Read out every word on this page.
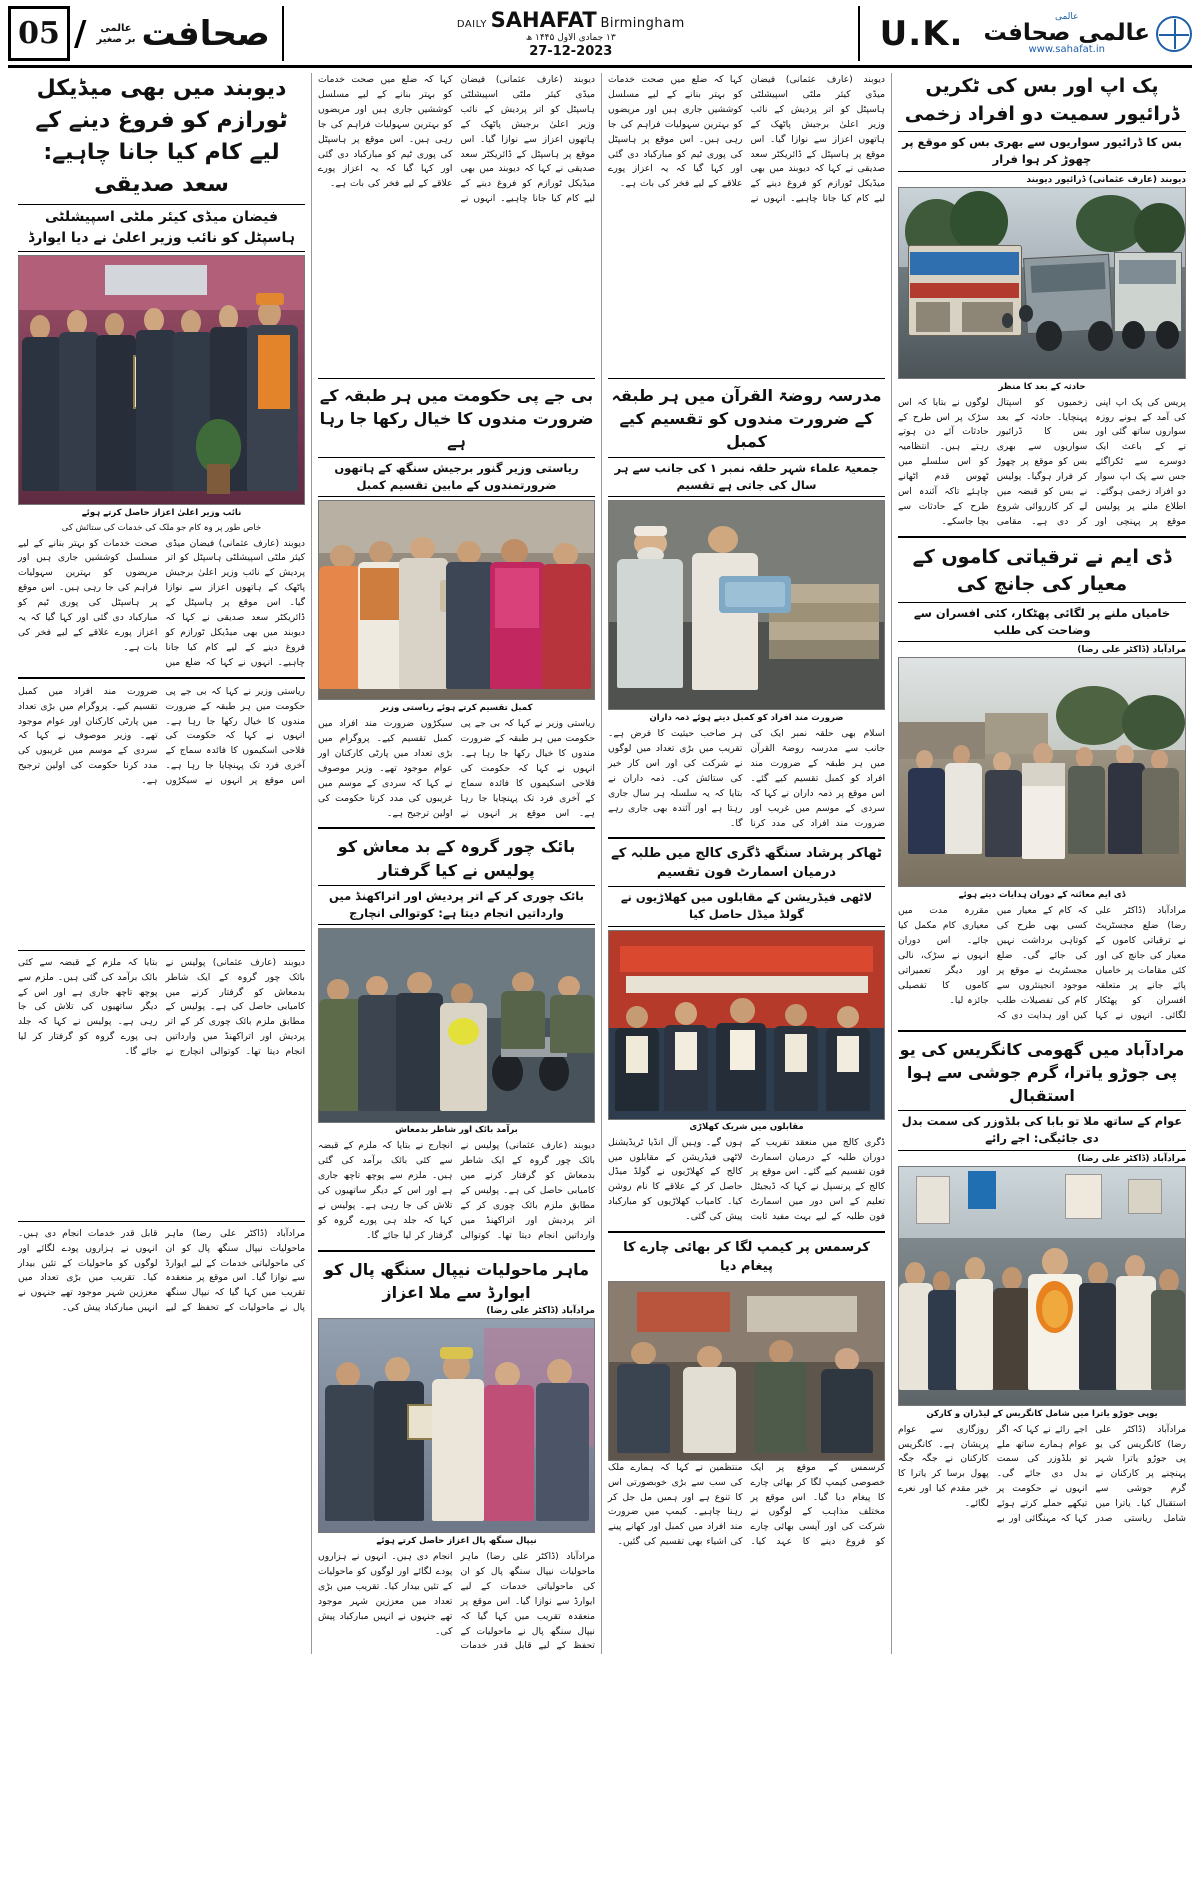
05 / صحافت
عالمی
بر صغیر
DAILY SAHAFAT Birmingham
۱۳ جمادی الاول ۱۴۴۵ ھ
27-12-2023	U.K.	عالمی
عالمی صحافت
www.sahafat.in
پک اپ اور بس کی ٹکریں ڈرائیور سمیت دو افراد زخمی
بس کا ڈرائیور سواریوں سے بھری بس کو موقع پر چھوڑ کر ہوا فرار
دیوبند (عارف عثمانی) ڈرائیور دیوبند
حادثہ کے بعد کا منظر
پریس کی پک اپ اپنی کی آمد کے ہونے روزہ سواروں ساتھ گئی اور نے کے باعث ایک دوسرے سے ٹکراگئے جس سے پک اپ سوار دو افراد زخمی ہوگئے۔ اطلاع ملنے پر پولیس موقع پر پہنچی اور زخمیوں کو اسپتال پہنچایا۔ حادثہ کے بعد بس کا ڈرائیور سواریوں سے بھری بس کو موقع پر چھوڑ کر فرار ہوگیا۔ پولیس نے بس کو قبضہ میں لے کر کارروائی شروع کر دی ہے۔ مقامی لوگوں نے بتایا کہ اس سڑک پر اس طرح کے حادثات آئے دن ہوتے رہتے ہیں۔ انتظامیہ کو اس سلسلے میں ٹھوس قدم اٹھانے چاہئے تاکہ آئندہ اس طرح کے حادثات سے بچا جاسکے۔
ڈی ایم نے ترقیاتی کاموں کے معیار کی جانچ کی
خامیاں ملنے پر لگائی پھٹکار، کئی افسران سے وضاحت کی طلب
مرادآباد (ڈاکٹر علی رضا)
ڈی ایم معائنہ کے دوران ہدایات دیتے ہوئے
مرادآباد (ڈاکٹر علی رضا) ضلع مجسٹریٹ نے ترقیاتی کاموں کے معیار کی جانچ کی اور کئی مقامات پر خامیاں پائے جانے پر متعلقہ افسران کو پھٹکار لگائی۔ انہوں نے کہا کہ کام کے معیار میں کسی بھی طرح کی کوتاہی برداشت نہیں کی جائے گی۔ ضلع مجسٹریٹ نے موقع پر موجود انجینئروں سے کام کی تفصیلات طلب کیں اور ہدایت دی کہ مقررہ مدت میں معیاری کام مکمل کیا جائے۔ اس دوران انہوں نے سڑک، نالی اور دیگر تعمیراتی کاموں کا تفصیلی جائزہ لیا۔
مرادآباد میں گھومی کانگریس کی یو پی جوڑو یاترا، گرم جوشی سے ہوا استقبال
عوام کے ساتھ ملا تو بابا کی بلڈوزر کی سمت بدل دی جائیگی: اجے رائے
مرادآباد (ڈاکٹر علی رضا)
یوپی جوڑو یاترا میں شامل کانگریس کے لیڈران و کارکن
مرادآباد (ڈاکٹر علی رضا) کانگریس کی یو پی جوڑو یاترا شہر پہنچنے پر کارکنان نے گرم جوشی سے استقبال کیا۔ یاترا میں شامل ریاستی صدر اجے رائے نے کہا کہ اگر عوام ہمارے ساتھ ملے تو بلڈوزر کی سمت بدل دی جائے گی۔ انہوں نے حکومت پر تیکھے حملے کرتے ہوئے کہا کہ مہنگائی اور بے روزگاری سے عوام پریشان ہے۔ کانگریس کارکنان نے جگہ جگہ پھول برسا کر یاترا کا خیر مقدم کیا اور نعرے لگائے۔
دیوبند (عارف عثمانی) فیضان میڈی کیئر ملٹی اسپیشلٹی ہاسپٹل کو اتر پردیش کے نائب وزیر اعلیٰ برجیش پاٹھک کے ہاتھوں اعزاز سے نوازا گیا۔ اس موقع پر ہاسپٹل کے ڈائریکٹر سعد صدیقی نے کہا کہ دیوبند میں بھی میڈیکل ٹورازم کو فروغ دینے کے لیے کام کیا جانا چاہیے۔ انہوں نے کہا کہ ضلع میں صحت خدمات کو بہتر بنانے کے لیے مسلسل کوششیں جاری ہیں اور مریضوں کو بہترین سہولیات فراہم کی جا رہی ہیں۔ اس موقع پر ہاسپٹل کی پوری ٹیم کو مبارکباد دی گئی اور کہا گیا کہ یہ اعزاز پورے علاقے کے لیے فخر کی بات ہے۔
مدرسہ روضۃ القرآن میں ہر طبقہ کے ضرورت مندوں کو تقسیم کیے کمبل
جمعیۃ علماء شہر حلقہ نمبر ۱ کی جانب سے ہر سال کی جاتی ہے تقسیم
ضرورت مند افراد کو کمبل دیتے ہوئے ذمہ داران
اسلام بھی حلقہ نمبر ایک کی جانب سے مدرسہ روضۃ القرآن میں ہر طبقہ کے ضرورت مند افراد کو کمبل تقسیم کیے گئے۔ اس موقع پر ذمہ داران نے کہا کہ سردی کے موسم میں غریب اور ضرورت مند افراد کی مدد کرنا ہر صاحب حیثیت کا فرض ہے۔ تقریب میں بڑی تعداد میں لوگوں نے شرکت کی اور اس کار خیر کی ستائش کی۔ ذمہ داران نے بتایا کہ یہ سلسلہ ہر سال جاری رہتا ہے اور آئندہ بھی جاری رہے گا۔
ٹھاکر پرشاد سنگھ ڈگری کالج میں طلبہ کے درمیان اسمارٹ فون تقسیم
لاٹھی فیڈریشن کے مقابلوں میں کھلاڑیوں نے گولڈ میڈل حاصل کیا
مقابلوں میں شریک کھلاڑی
ڈگری کالج میں منعقد تقریب کے دوران طلبہ کے درمیان اسمارٹ فون تقسیم کیے گئے۔ اس موقع پر کالج کے پرنسپل نے کہا کہ ڈیجیٹل تعلیم کے اس دور میں اسمارٹ فون طلبہ کے لیے بہت مفید ثابت ہوں گے۔ وہیں آل انڈیا ٹریڈیشنل لاٹھی فیڈریشن کے مقابلوں میں کالج کے کھلاڑیوں نے گولڈ میڈل حاصل کر کے علاقے کا نام روشن کیا۔ کامیاب کھلاڑیوں کو مبارکباد پیش کی گئی۔
کرسمس پر کیمپ لگا کر بھائی چارے کا پیغام دیا
کرسمس کے موقع پر ایک خصوصی کیمپ لگا کر بھائی چارے کا پیغام دیا گیا۔ اس موقع پر مختلف مذاہب کے لوگوں نے شرکت کی اور آپسی بھائی چارے کو فروغ دینے کا عہد کیا۔ منتظمین نے کہا کہ ہمارے ملک کی سب سے بڑی خوبصورتی اس کا تنوع ہے اور ہمیں مل جل کر رہنا چاہیے۔ کیمپ میں ضرورت مند افراد میں کمبل اور کھانے پینے کی اشیاء بھی تقسیم کی گئیں۔
دیوبند (عارف عثمانی) فیضان میڈی کیئر ملٹی اسپیشلٹی ہاسپٹل کو اتر پردیش کے نائب وزیر اعلیٰ برجیش پاٹھک کے ہاتھوں اعزاز سے نوازا گیا۔ اس موقع پر ہاسپٹل کے ڈائریکٹر سعد صدیقی نے کہا کہ دیوبند میں بھی میڈیکل ٹورازم کو فروغ دینے کے لیے کام کیا جانا چاہیے۔ انہوں نے کہا کہ ضلع میں صحت خدمات کو بہتر بنانے کے لیے مسلسل کوششیں جاری ہیں اور مریضوں کو بہترین سہولیات فراہم کی جا رہی ہیں۔ اس موقع پر ہاسپٹل کی پوری ٹیم کو مبارکباد دی گئی اور کہا گیا کہ یہ اعزاز پورے علاقے کے لیے فخر کی بات ہے۔
بی جے پی حکومت میں ہر طبقہ کے ضرورت مندوں کا خیال رکھا جا رہا ہے
ریاستی وزیر گنور برجیش سنگھ کے ہاتھوں ضرورتمندوں کے مابین تقسیم کمبل
کمبل تقسیم کرتے ہوئے ریاستی وزیر
ریاستی وزیر نے کہا کہ بی جے پی حکومت میں ہر طبقہ کے ضرورت مندوں کا خیال رکھا جا رہا ہے۔ انہوں نے کہا کہ حکومت کی فلاحی اسکیموں کا فائدہ سماج کے آخری فرد تک پہنچایا جا رہا ہے۔ اس موقع پر انہوں نے سیکڑوں ضرورت مند افراد میں کمبل تقسیم کیے۔ پروگرام میں بڑی تعداد میں پارٹی کارکنان اور عوام موجود تھے۔ وزیر موصوف نے کہا کہ سردی کے موسم میں غریبوں کی مدد کرنا حکومت کی اولین ترجیح ہے۔
بائک چور گروہ کے بد معاش کو پولیس نے کیا گرفتار
بائک چوری کر کے اتر پردیش اور اتراکھنڈ میں وارداتیں انجام دیتا ہے: کوتوالی انچارج
برآمد بائک اور شاطر بدمعاش
دیوبند (عارف عثمانی) پولیس نے بائک چور گروہ کے ایک شاطر بدمعاش کو گرفتار کرنے میں کامیابی حاصل کی ہے۔ پولیس کے مطابق ملزم بائک چوری کر کے اتر پردیش اور اتراکھنڈ میں وارداتیں انجام دیتا تھا۔ کوتوالی انچارج نے بتایا کہ ملزم کے قبضہ سے کئی بائک برآمد کی گئی ہیں۔ ملزم سے پوچھ تاچھ جاری ہے اور اس کے دیگر ساتھیوں کی تلاش کی جا رہی ہے۔ پولیس نے کہا کہ جلد ہی پورے گروہ کو گرفتار کر لیا جائے گا۔
ماہر ماحولیات نیپال سنگھ پال کو ایوارڈ سے ملا اعزاز
مرادآباد (ڈاکٹر علی رضا)
نیپال سنگھ پال اعزاز حاصل کرتے ہوئے
مرادآباد (ڈاکٹر علی رضا) ماہر ماحولیات نیپال سنگھ پال کو ان کی ماحولیاتی خدمات کے لیے ایوارڈ سے نوازا گیا۔ اس موقع پر منعقدہ تقریب میں کہا گیا کہ نیپال سنگھ پال نے ماحولیات کے تحفظ کے لیے قابل قدر خدمات انجام دی ہیں۔ انہوں نے ہزاروں پودے لگائے اور لوگوں کو ماحولیات کے تئیں بیدار کیا۔ تقریب میں بڑی تعداد میں معززین شہر موجود تھے جنہوں نے انہیں مبارکباد پیش کی۔
دیوبند میں بھی میڈیکل ٹورازم کو فروغ دینے کے لیے کام کیا جانا چاہیے: سعد صدیقی
فیضان میڈی کیئر ملٹی اسپیشلٹی ہاسپٹل کو نائب وزیر اعلیٰ نے دیا ایوارڈ
نائب وزیر اعلیٰ اعزاز حاصل کرتے ہوئے
خاص طور پر وہ کام جو ملک کی خدمات کی ستائش کی
دیوبند (عارف عثمانی) فیضان میڈی کیئر ملٹی اسپیشلٹی ہاسپٹل کو اتر پردیش کے نائب وزیر اعلیٰ برجیش پاٹھک کے ہاتھوں اعزاز سے نوازا گیا۔ اس موقع پر ہاسپٹل کے ڈائریکٹر سعد صدیقی نے کہا کہ دیوبند میں بھی میڈیکل ٹورازم کو فروغ دینے کے لیے کام کیا جانا چاہیے۔ انہوں نے کہا کہ ضلع میں صحت خدمات کو بہتر بنانے کے لیے مسلسل کوششیں جاری ہیں اور مریضوں کو بہترین سہولیات فراہم کی جا رہی ہیں۔ اس موقع پر ہاسپٹل کی پوری ٹیم کو مبارکباد دی گئی اور کہا گیا کہ یہ اعزاز پورے علاقے کے لیے فخر کی بات ہے۔
ریاستی وزیر نے کہا کہ بی جے پی حکومت میں ہر طبقہ کے ضرورت مندوں کا خیال رکھا جا رہا ہے۔ انہوں نے کہا کہ حکومت کی فلاحی اسکیموں کا فائدہ سماج کے آخری فرد تک پہنچایا جا رہا ہے۔ اس موقع پر انہوں نے سیکڑوں ضرورت مند افراد میں کمبل تقسیم کیے۔ پروگرام میں بڑی تعداد میں پارٹی کارکنان اور عوام موجود تھے۔ وزیر موصوف نے کہا کہ سردی کے موسم میں غریبوں کی مدد کرنا حکومت کی اولین ترجیح ہے۔
دیوبند (عارف عثمانی) پولیس نے بائک چور گروہ کے ایک شاطر بدمعاش کو گرفتار کرنے میں کامیابی حاصل کی ہے۔ پولیس کے مطابق ملزم بائک چوری کر کے اتر پردیش اور اتراکھنڈ میں وارداتیں انجام دیتا تھا۔ کوتوالی انچارج نے بتایا کہ ملزم کے قبضہ سے کئی بائک برآمد کی گئی ہیں۔ ملزم سے پوچھ تاچھ جاری ہے اور اس کے دیگر ساتھیوں کی تلاش کی جا رہی ہے۔ پولیس نے کہا کہ جلد ہی پورے گروہ کو گرفتار کر لیا جائے گا۔
مرادآباد (ڈاکٹر علی رضا) ماہر ماحولیات نیپال سنگھ پال کو ان کی ماحولیاتی خدمات کے لیے ایوارڈ سے نوازا گیا۔ اس موقع پر منعقدہ تقریب میں کہا گیا کہ نیپال سنگھ پال نے ماحولیات کے تحفظ کے لیے قابل قدر خدمات انجام دی ہیں۔ انہوں نے ہزاروں پودے لگائے اور لوگوں کو ماحولیات کے تئیں بیدار کیا۔ تقریب میں بڑی تعداد میں معززین شہر موجود تھے جنہوں نے انہیں مبارکباد پیش کی۔
